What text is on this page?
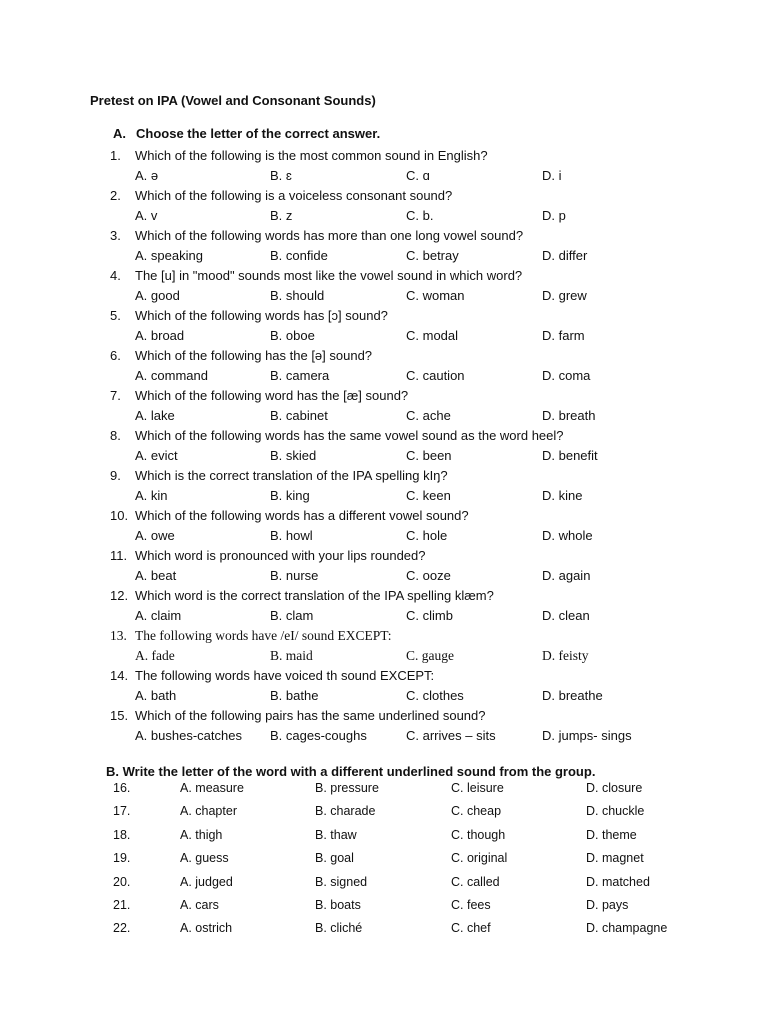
Pretest on IPA (Vowel and Consonant Sounds)
A. Choose the letter of the correct answer.
1. Which of the following is the most common sound in English?
A. ə	B. ɛ	C. ɑ	D. i
2. Which of the following is a voiceless consonant sound?
A. v	B. z	C. b.	D. p
3. Which of the following words has more than one long vowel sound?
A. speaking	B. confide	C. betray	D. differ
4. The [u] in "mood" sounds most like the vowel sound in which word?
A. good	B. should	C. woman	D. grew
5. Which of the following words has [ɔ] sound?
A. broad	B. oboe	C. modal	D. farm
6. Which of the following has the [ə] sound?
A. command	B. camera	C. caution	D. coma
7. Which of the following word has the [æ] sound?
A. lake	B. cabinet	C. ache	D. breath
8. Which of the following words has the same vowel sound as the word heel?
A. evict	B. skied	C. been	D. benefit
9. Which is the correct translation of the IPA spelling kIŋ?
A. kin	B. king	C. keen	D. kine
10. Which of the following words has a different vowel sound?
A. owe	B. howl	C. hole	D. whole
11. Which word is pronounced with your lips rounded?
A. beat	B. nurse	C. ooze	D. again
12. Which word is the correct translation of the IPA spelling klæm?
A. claim	B. clam	C. climb	D. clean
13. The following words have /eI/ sound EXCEPT:
A. fade	B. maid	C. gauge	D. feisty
14. The following words have voiced th sound EXCEPT:
A. bath	B. bathe	C. clothes	D. breathe
15. Which of the following pairs has the same underlined sound?
A. bushes-catches B. cages-coughs	C. arrives – sits	D. jumps- sings
B. Write the letter of the word with a different underlined sound from the group.
16.	A. measure	B. pressure	C. leisure	D. closure
17.	A. chapter	B. charade	C. cheap	D. chuckle
18.	A. thigh	B. thaw	C. though	D. theme
19.	A. guess	B. goal	C. original	D. magnet
20.	A. judged	B. signed	C. called	D. matched
21.	A. cars	B. boats	C. fees	D. pays
22.	A. ostrich	B. cliché	C. chef	D. champagne
